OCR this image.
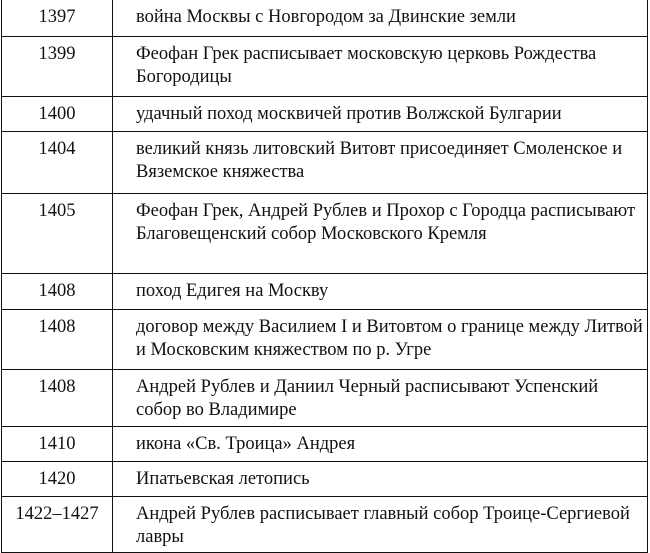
1397	война Москвы с Новгородом за Двинские земли
1399	Феофан Грек расписывает московскую церковь Рождества Богородицы
1400	удачный поход москвичей против Волжской Булгарии
1404	великий князь литовский Витовт присоединяет Смоленское и Вяземское княжества
1405	Феофан Грек, Андрей Рублев и Прохор с Городца расписывают Благовещенский собор Московского Кремля
1408	поход Едигея на Москву
1408	договор между Василием I и Витовтом о границе между Литвой и Московским княжеством по р. Угре
1408	Андрей Рублев и Даниил Черный расписывают Успенский собор во Владимире
1410	икона «Св. Троица» Андрея
1420	Ипатьевская летопись
1422–1427	Андрей Рублев расписывает главный собор Троице-Сергиевой лавры
